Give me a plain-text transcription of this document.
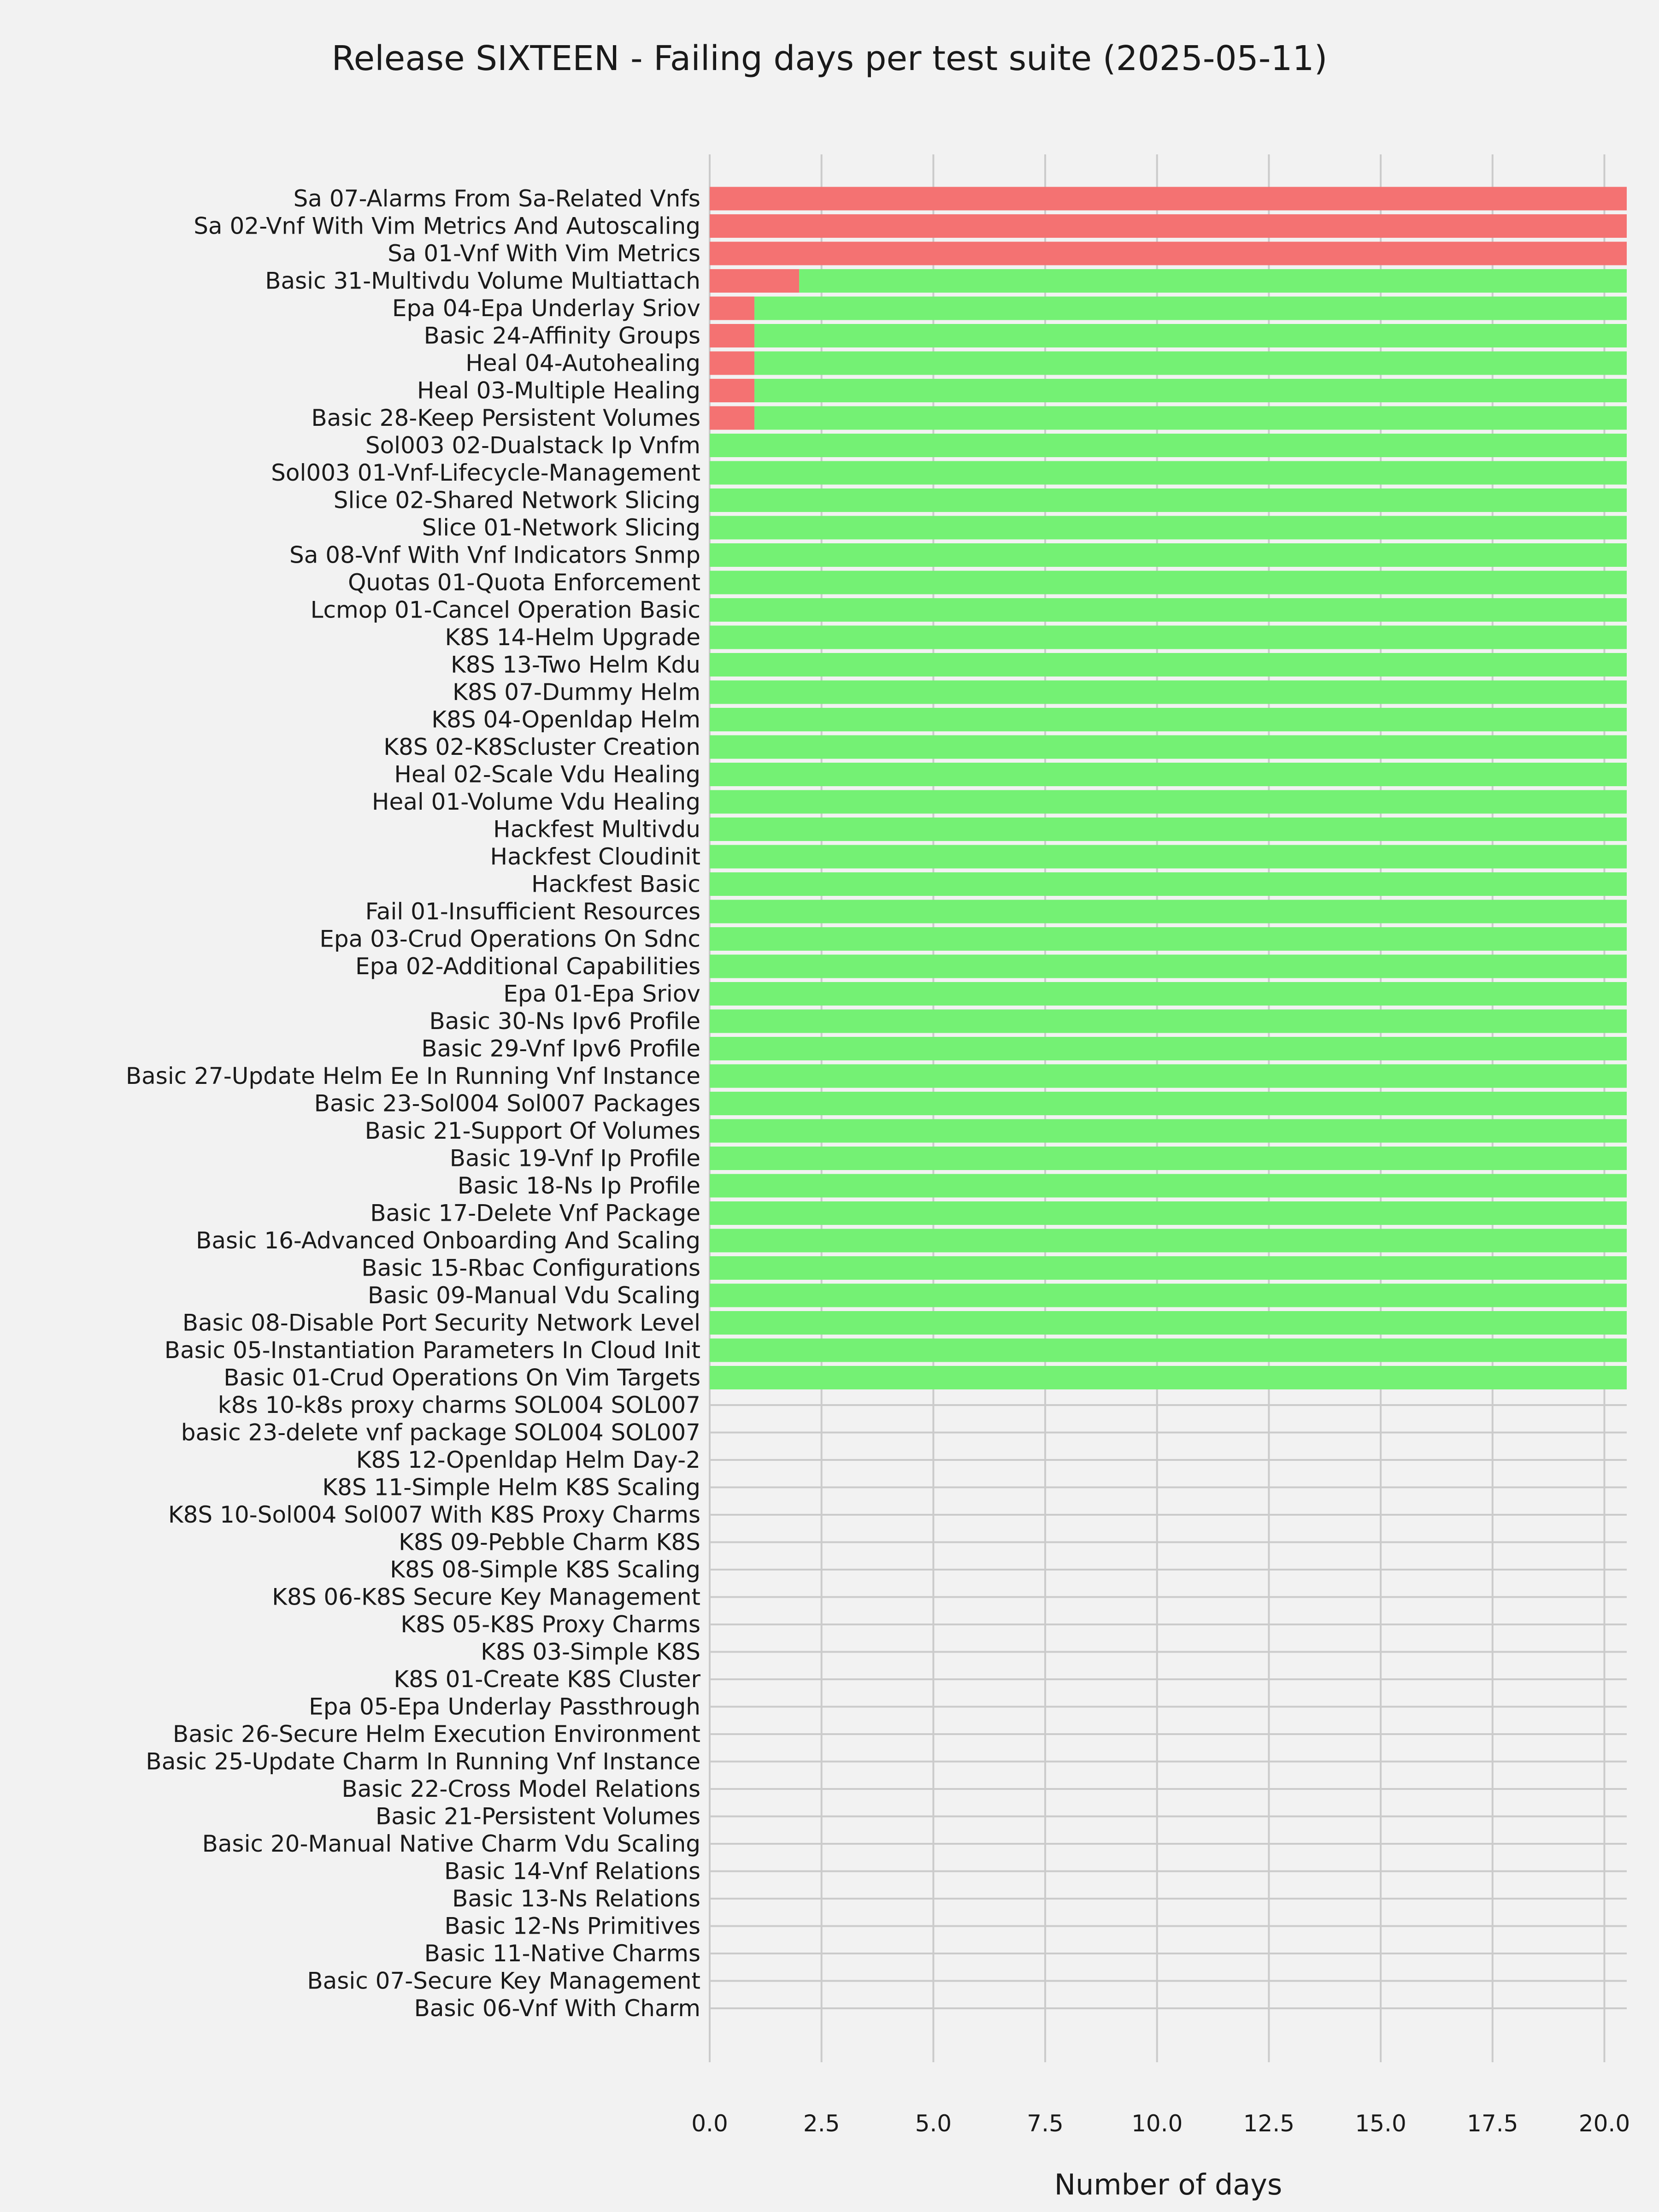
Release SIXTEEN - Failing days per test suite (2025-05-11)
Sa 07-Alarms From Sa-Related Vnfs
Sa 02-Vnf With Vim Metrics And Autoscaling
Sa 01-Vnf With Vim Metrics
Basic 31-Multivdu Volume Multiattach
Epa 04-Epa Underlay Sriov
Basic 24-Affinity Groups
Heal 04-Autohealing
Heal 03-Multiple Healing
Basic 28-Keep Persistent Volumes
Sol003 02-Dualstack Ip Vnfm
Sol003 01-Vnf-Lifecycle-Management
Slice 02-Shared Network Slicing
Slice 01-Network Slicing
Sa 08-Vnf With Vnf Indicators Snmp
Quotas 01-Quota Enforcement
Lcmop 01-Cancel Operation Basic
K8S 14-Helm Upgrade
K8S 13-Two Helm Kdu
K8S 07-Dummy Helm
K8S 04-Openldap Helm
K8S 02-K8Scluster Creation
Heal 02-Scale Vdu Healing
Heal 01-Volume Vdu Healing
Hackfest Multivdu
Hackfest Cloudinit
Hackfest Basic
Fail 01-Insufficient Resources
Epa 03-Crud Operations On Sdnc
Epa 02-Additional Capabilities
Epa 01-Epa Sriov
Basic 30-Ns Ipv6 Profile
Basic 29-Vnf Ipv6 Profile
Basic 27-Update Helm Ee In Running Vnf Instance
Basic 23-Sol004 Sol007 Packages
Basic 21-Support Of Volumes
Basic 19-Vnf Ip Profile
Basic 18-Ns Ip Profile
Basic 17-Delete Vnf Package
Basic 16-Advanced Onboarding And Scaling
Basic 15-Rbac Configurations
Basic 09-Manual Vdu Scaling
Basic 08-Disable Port Security Network Level
Basic 05-Instantiation Parameters In Cloud Init
Basic 01-Crud Operations On Vim Targets
k8s 10-k8s proxy charms SOL004 SOL007
basic 23-delete vnf package SOL004 SOL007
K8S 12-Openldap Helm Day-2
K8S 11-Simple Helm K8S Scaling
K8S 10-Sol004 Sol007 With K8S Proxy Charms
K8S 09-Pebble Charm K8S
K8S 08-Simple K8S Scaling
K8S 06-K8S Secure Key Management
K8S 05-K8S Proxy Charms
K8S 03-Simple K8S
K8S 01-Create K8S Cluster
Epa 05-Epa Underlay Passthrough
Basic 26-Secure Helm Execution Environment
Basic 25-Update Charm In Running Vnf Instance
Basic 22-Cross Model Relations
Basic 21-Persistent Volumes
Basic 20-Manual Native Charm Vdu Scaling
Basic 14-Vnf Relations
Basic 13-Ns Relations
Basic 12-Ns Primitives
Basic 11-Native Charms
Basic 07-Secure Key Management
Basic 06-Vnf With Charm
0.0	2.5	5.0	7.5	10.0	12.5	15.0	17.5	20.0
Number of days
